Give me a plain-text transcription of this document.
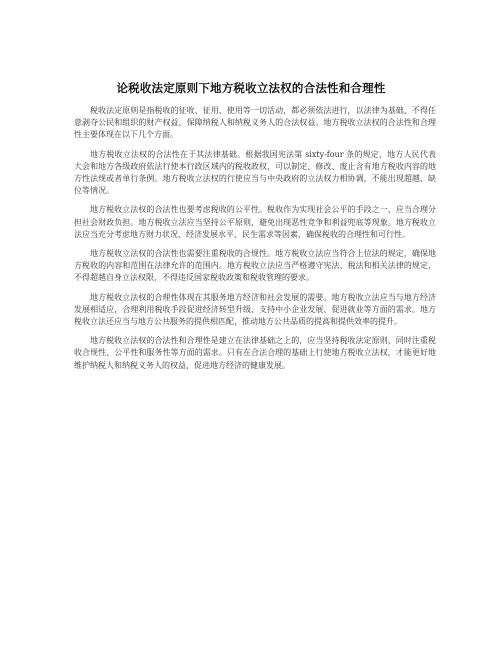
论税收法定原则下地方税收立法权的合法性和合理性

税收法定原则是指税收的征收、征用、使用等一切活动，都必须依法进行，以法律为基础，不得任意剥夺公民和组织的财产权益，保障纳税人和纳税义务人的合法权益。地方税收立法权的合法性和合理性主要体现在以下几个方面。

地方税收立法权的合法性在于其法律基础。根据我国宪法第 sixty-four 条的规定，地方人民代表大会和地方各级政府依法行使本行政区域内的税收政权，可以制定、修改、废止含有地方税收内容的地方性法规或者单行条例。地方税收立法权的行使应当与中央政府的立法权力相协调，不能出现超越、缺位等情况。

地方税收立法权的合法性也要考虑税收的公平性。税收作为实现社会公平的手段之一，应当合理分担社会财政负担。地方税收立法应当坚持公平原则，避免出现恶性竞争和利益兜底等现象。地方税收立法应当充分考虑地方财力状况、经济发展水平、民生需求等因素，确保税收的合理性和可行性。

地方税收立法权的合法性也需要注重税收的合规性。地方税收立法应当符合上位法的规定，确保地方税收的内容和范围在法律允许的范围内。地方税收立法应当严格遵守宪法、税法和相关法律的规定，不得超越自身立法权限，不得违反国家税收政策和税收管理的要求。

地方税收立法权的合理性体现在其服务地方经济和社会发展的需要。地方税收立法应当与地方经济发展相适应，合理利用税收手段促进经济转型升级、支持中小企业发展、促进就业等方面的需求。地方税收立法还应当与地方公共服务的提供相匹配，推动地方公共品质的提高和提供效率的提升。

地方税收立法权的合法性和合理性是建立在法律基础之上的，应当坚持税收法定原则，同时注重税收合规性、公平性和服务性等方面的需求。只有在合法合理的基础上行使地方税收立法权，才能更好地维护纳税人和纳税义务人的权益，促进地方经济的健康发展。
